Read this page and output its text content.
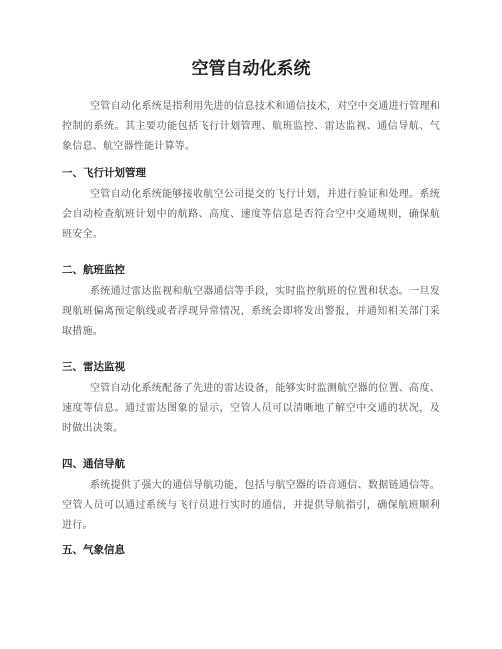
空管自动化系统

空管自动化系统是指利用先进的信息技术和通信技术，对空中交通进行管理和控制的系统。其主要功能包括飞行计划管理、航班监控、雷达监视、通信导航、气象信息、航空器性能计算等。

一、飞行计划管理

空管自动化系统能够接收航空公司提交的飞行计划，并进行验证和处理。系统会自动检查航班计划中的航路、高度、速度等信息是否符合空中交通规则，确保航班安全。

二、航班监控

系统通过雷达监视和航空器通信等手段，实时监控航班的位置和状态。一旦发现航班偏离预定航线或者浮现异常情况，系统会即将发出警报，并通知相关部门采取措施。

三、雷达监视

空管自动化系统配备了先进的雷达设备，能够实时监测航空器的位置、高度、速度等信息。通过雷达图象的显示，空管人员可以清晰地了解空中交通的状况，及时做出决策。

四、通信导航

系统提供了强大的通信导航功能，包括与航空器的语音通信、数据链通信等。空管人员可以通过系统与飞行员进行实时的通信，并提供导航指引，确保航班顺利进行。

五、气象信息
